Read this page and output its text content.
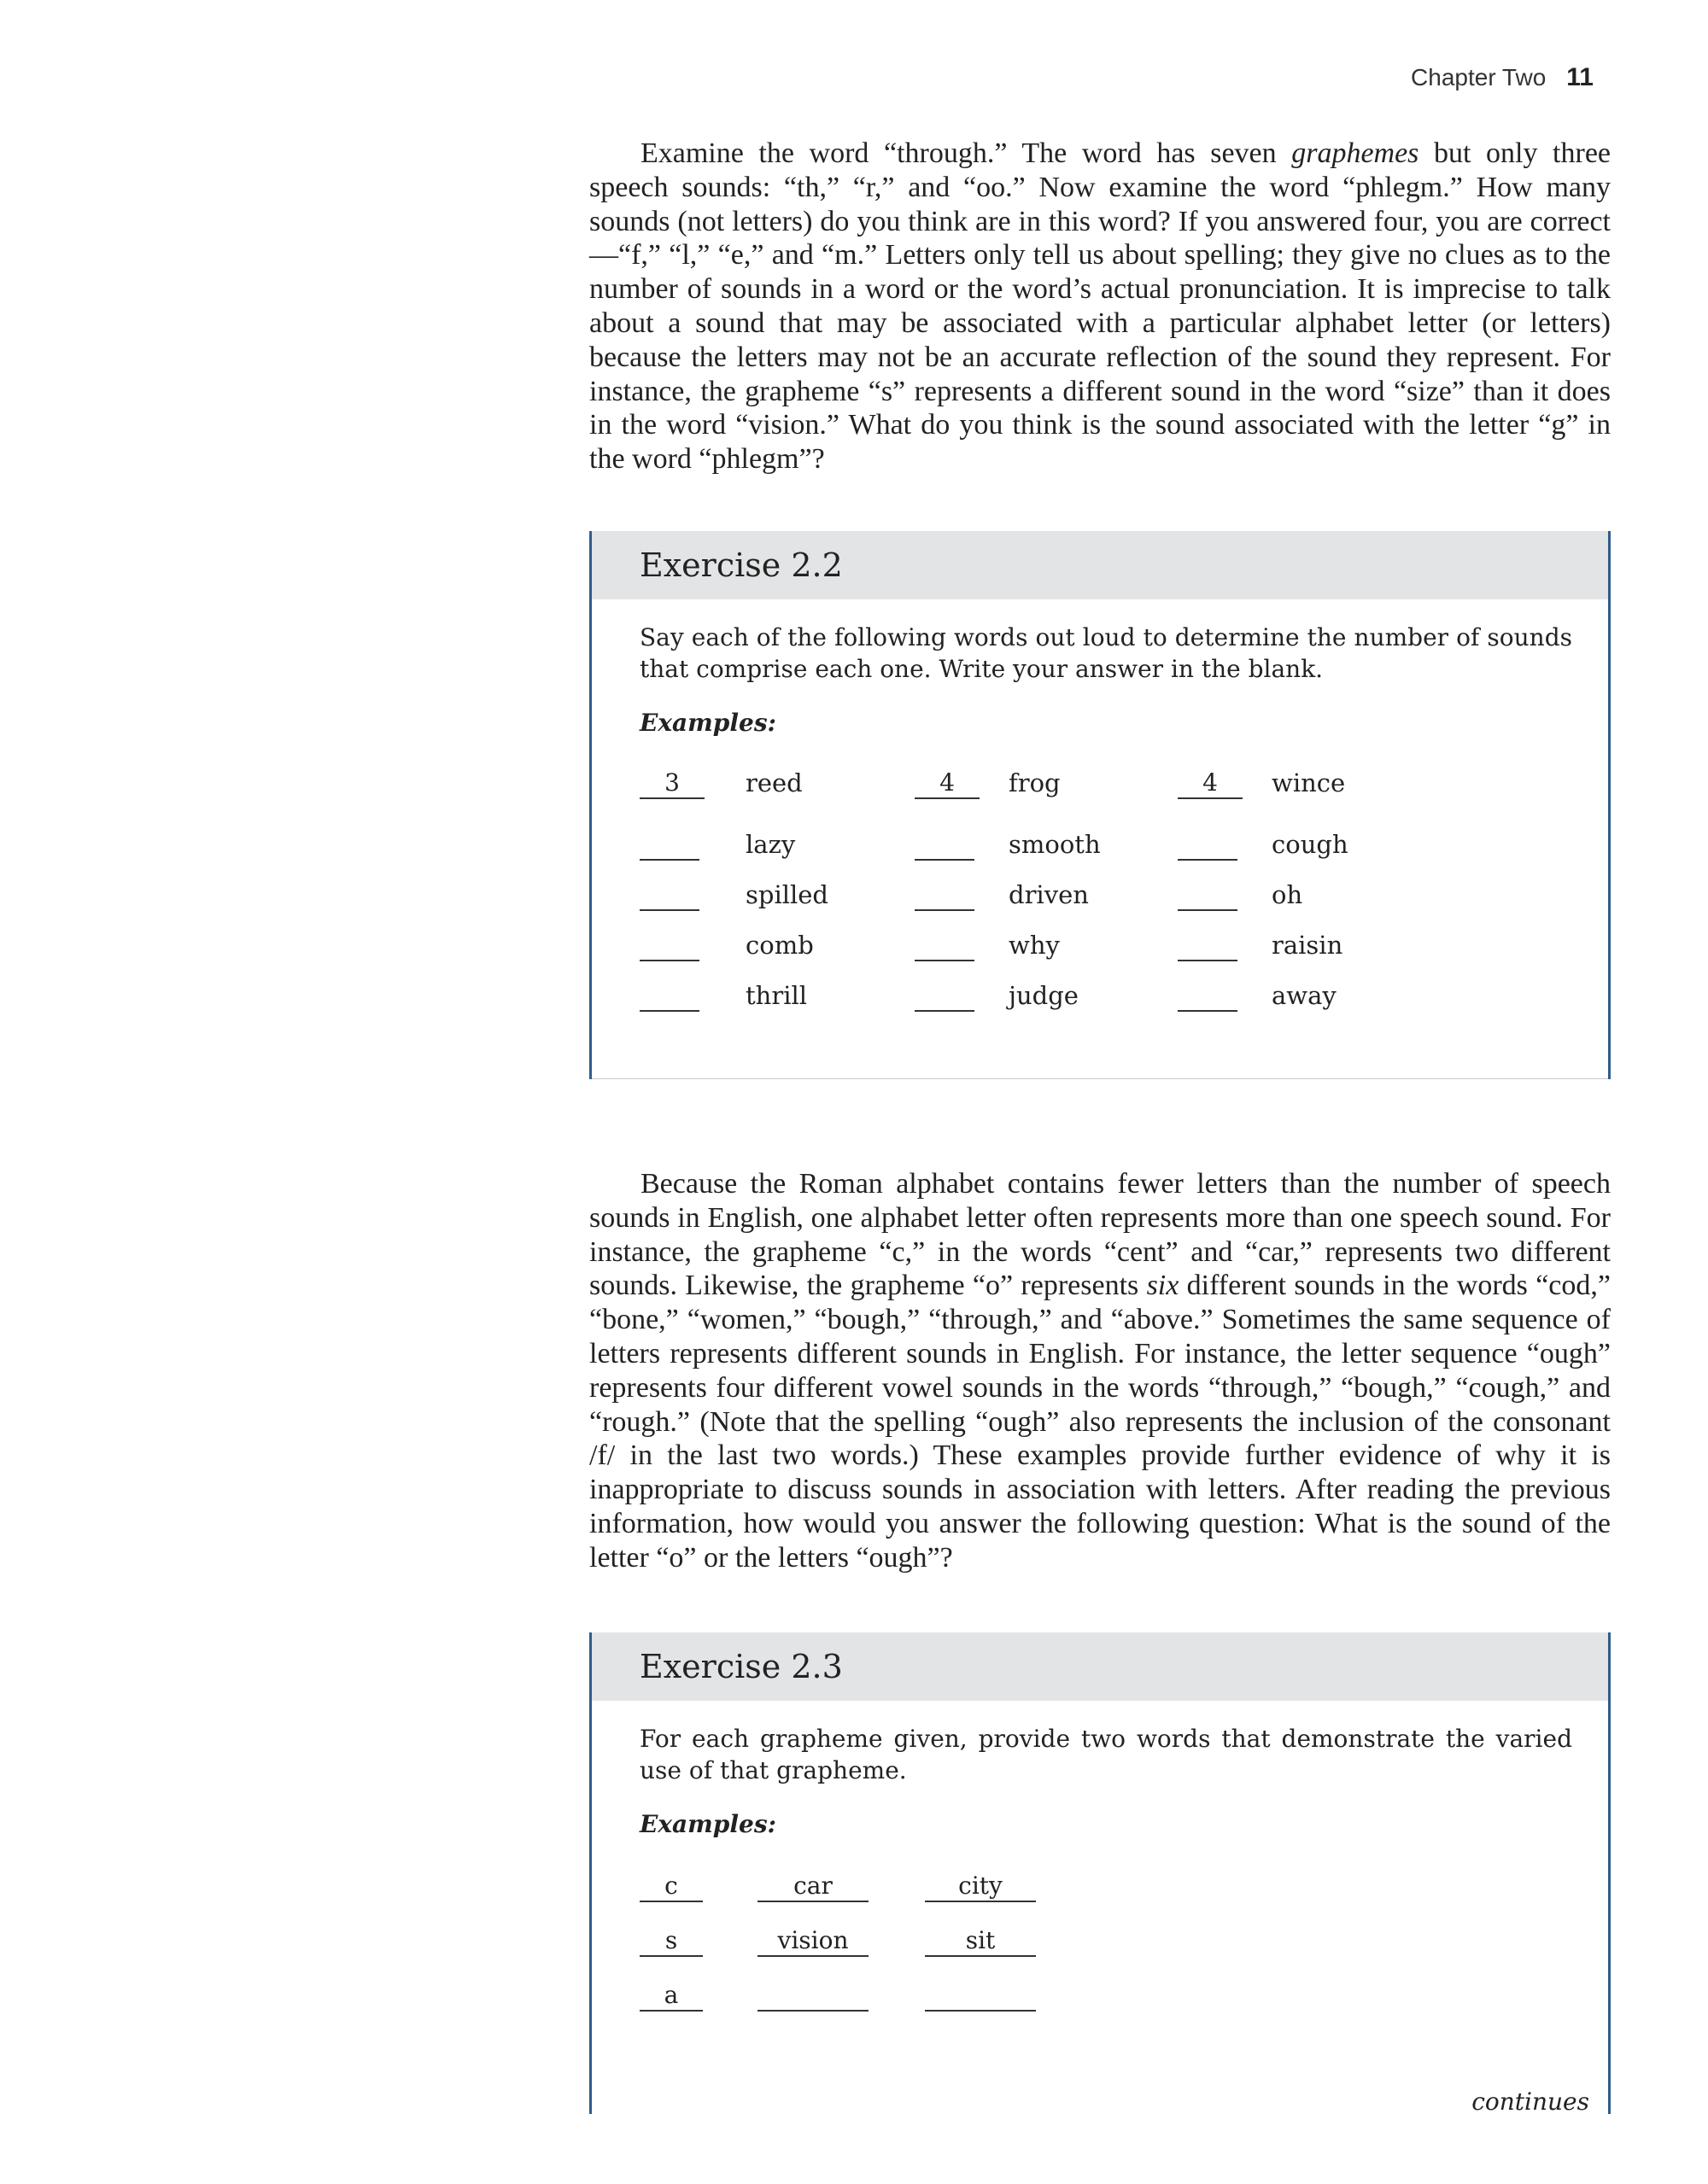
Chapter Two 11

Examine the word “through.” The word has seven graphemes but only three speech sounds: “th,” “r,” and “oo.” Now examine the word “phlegm.” How many sounds (not letters) do you think are in this word? If you answered four, you are correct—“f,” “l,” “e,” and “m.” Letters only tell us about spelling; they give no clues as to the number of sounds in a word or the word’s actual pronunciation. It is imprecise to talk about a sound that may be associated with a particular alphabet letter (or letters) because the letters may not be an accurate reflection of the sound they represent. For instance, the grapheme “s” represents a different sound in the word “size” than it does in the word “vision.” What do you think is the sound associated with the letter “g” in the word “phlegm”?

Exercise 2.2

Say each of the following words out loud to determine the number of sounds that comprise each one. Write your answer in the blank.

Examples:

3	reed	4	frog	4	wince
lazy	smooth	cough
spilled	driven	oh
comb	why	raisin
thrill	judge	away

Because the Roman alphabet contains fewer letters than the number of speech sounds in English, one alphabet letter often represents more than one speech sound. For instance, the grapheme “c,” in the words “cent” and “car,” represents two different sounds. Likewise, the grapheme “o” represents six different sounds in the words “cod,” “bone,” “women,” “bough,” “through,” and “above.” Sometimes the same sequence of letters represents different sounds in English. For instance, the letter sequence “ough” represents four different vowel sounds in the words “through,” “bough,” “cough,” and “rough.” (Note that the spelling “ough” also represents the inclusion of the consonant /f/ in the last two words.) These examples provide further evidence of why it is inappropriate to discuss sounds in association with letters. After reading the previous information, how would you answer the following question: What is the sound of the letter “o” or the letters “ough”?

Exercise 2.3

For each grapheme given, provide two words that demonstrate the varied use of that grapheme.

Examples:

c	car	city
s	vision	sit
a
continues
